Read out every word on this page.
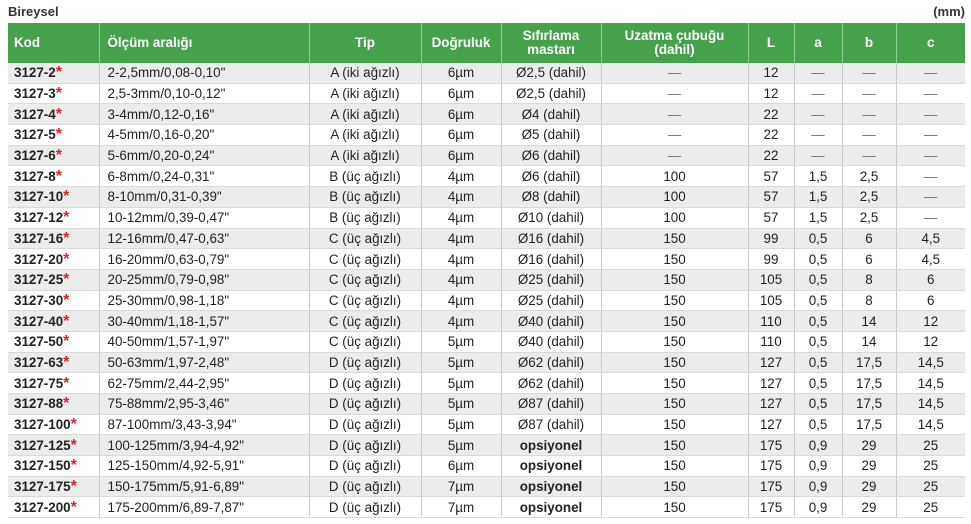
Bireysel	(mm)
Kod	Ölçüm aralığı	Tip	Doğruluk	Sıfırlama mastarı	Uzatma çubuğu (dahil)	L	a	b	c
3127-2*	2-2,5mm/0,08-0,10"	A (iki ağızlı)	6µm	Ø2,5 (dahil)	—	12	—	—	—
3127-3*	2,5-3mm/0,10-0,12"	A (iki ağızlı)	6µm	Ø2,5 (dahil)	—	12	—	—	—
3127-4*	3-4mm/0,12-0,16"	A (iki ağızlı)	6µm	Ø4 (dahil)	—	22	—	—	—
3127-5*	4-5mm/0,16-0,20"	A (iki ağızlı)	6µm	Ø5 (dahil)	—	22	—	—	—
3127-6*	5-6mm/0,20-0,24"	A (iki ağızlı)	6µm	Ø6 (dahil)	—	22	—	—	—
3127-8*	6-8mm/0,24-0,31"	B (üç ağızlı)	4µm	Ø6 (dahil)	100	57	1,5	2,5	—
3127-10*	8-10mm/0,31-0,39"	B (üç ağızlı)	4µm	Ø8 (dahil)	100	57	1,5	2,5	—
3127-12*	10-12mm/0,39-0,47"	B (üç ağızlı)	4µm	Ø10 (dahil)	100	57	1,5	2,5	—
3127-16*	12-16mm/0,47-0,63"	C (üç ağızlı)	4µm	Ø16 (dahil)	150	99	0,5	6	4,5
3127-20*	16-20mm/0,63-0,79"	C (üç ağızlı)	4µm	Ø16 (dahil)	150	99	0,5	6	4,5
3127-25*	20-25mm/0,79-0,98"	C (üç ağızlı)	4µm	Ø25 (dahil)	150	105	0,5	8	6
3127-30*	25-30mm/0,98-1,18"	C (üç ağızlı)	4µm	Ø25 (dahil)	150	105	0,5	8	6
3127-40*	30-40mm/1,18-1,57"	C (üç ağızlı)	4µm	Ø40 (dahil)	150	110	0,5	14	12
3127-50*	40-50mm/1,57-1,97"	C (üç ağızlı)	5µm	Ø40 (dahil)	150	110	0,5	14	12
3127-63*	50-63mm/1,97-2,48"	D (üç ağızlı)	5µm	Ø62 (dahil)	150	127	0,5	17,5	14,5
3127-75*	62-75mm/2,44-2,95"	D (üç ağızlı)	5µm	Ø62 (dahil)	150	127	0,5	17,5	14,5
3127-88*	75-88mm/2,95-3,46"	D (üç ağızlı)	5µm	Ø87 (dahil)	150	127	0,5	17,5	14,5
3127-100*	87-100mm/3,43-3,94"	D (üç ağızlı)	5µm	Ø87 (dahil)	150	127	0,5	17,5	14,5
3127-125*	100-125mm/3,94-4,92"	D (üç ağızlı)	5µm	opsiyonel	150	175	0,9	29	25
3127-150*	125-150mm/4,92-5,91"	D (üç ağızlı)	6µm	opsiyonel	150	175	0,9	29	25
3127-175*	150-175mm/5,91-6,89"	D (üç ağızlı)	7µm	opsiyonel	150	175	0,9	29	25
3127-200*	175-200mm/6,89-7,87"	D (üç ağızlı)	7µm	opsiyonel	150	175	0,9	29	25
